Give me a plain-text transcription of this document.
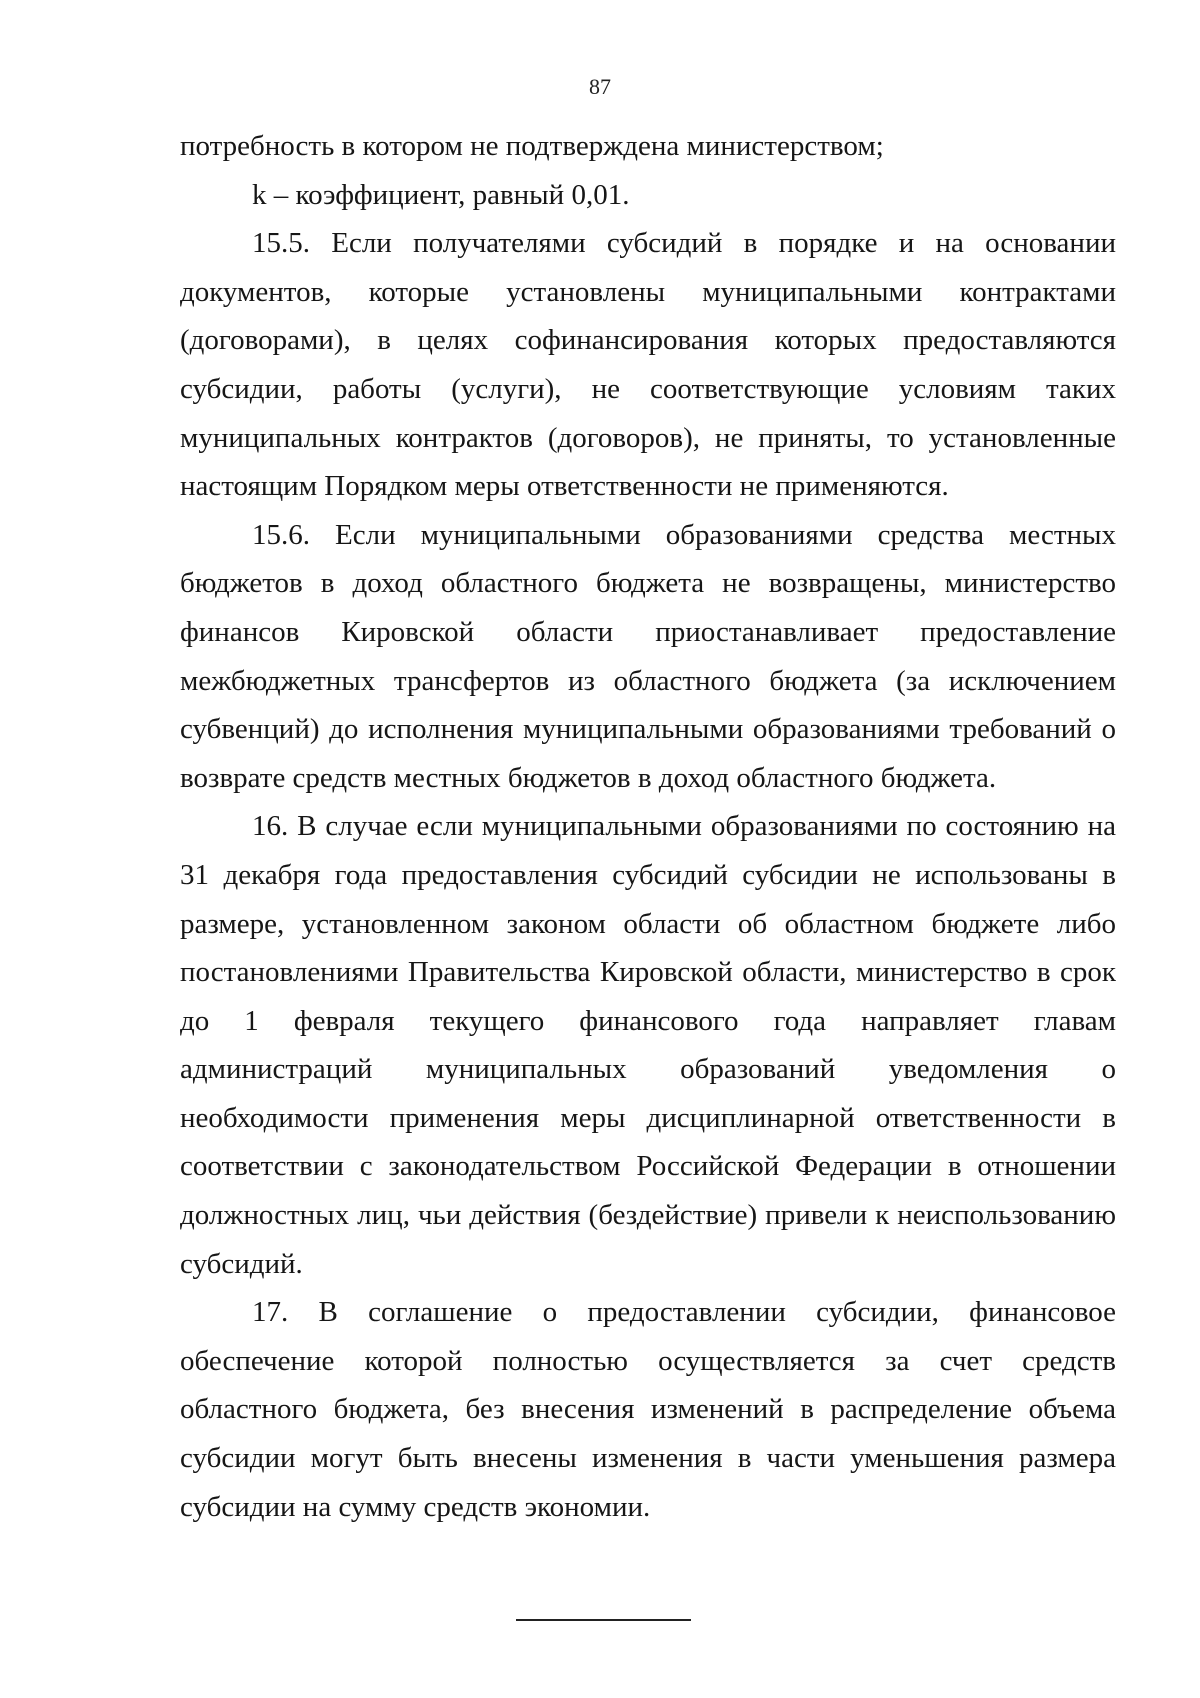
87

потребность в котором не подтверждена министерством;

k – коэффициент, равный 0,01.

15.5. Если получателями субсидий в порядке и на основании документов, которые установлены муниципальными контрактами (договорами), в целях софинансирования которых предоставляются субсидии, работы (услуги), не соответствующие условиям таких муниципальных контрактов (договоров), не приняты, то установленные настоящим Порядком меры ответственности не применяются.

15.6. Если муниципальными образованиями средства местных бюджетов в доход областного бюджета не возвращены, министерство финансов Кировской области приостанавливает предоставление межбюджетных трансфертов из областного бюджета (за исключением субвенций) до исполнения муниципальными образованиями требований о возврате средств местных бюджетов в доход областного бюджета.

16. В случае если муниципальными образованиями по состоянию на 31 декабря года предоставления субсидий субсидии не использованы в размере, установленном законом области об областном бюджете либо постановлениями Правительства Кировской области, министерство в срок до 1 февраля текущего финансового года направляет главам администраций муниципальных образований уведомления о необходимости применения меры дисциплинарной ответственности в соответствии с законодательством Российской Федерации в отношении должностных лиц, чьи действия (бездействие) привели к неиспользованию субсидий.

17. В соглашение о предоставлении субсидии, финансовое обеспечение которой полностью осуществляется за счет средств областного бюджета, без внесения изменений в распределение объема субсидии могут быть внесены изменения в части уменьшения размера субсидии на сумму средств экономии.
